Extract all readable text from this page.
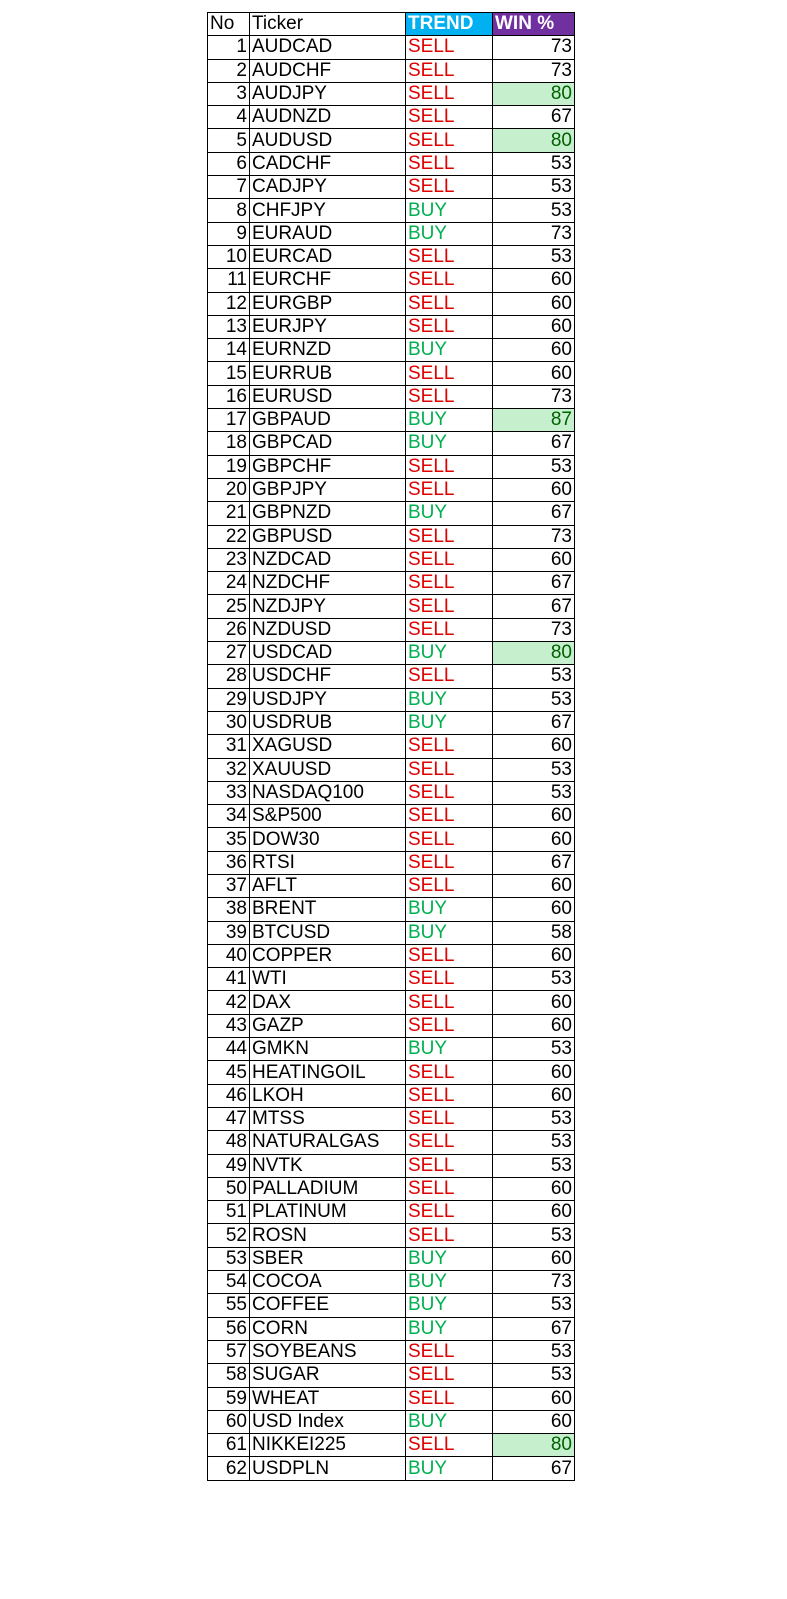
No	Ticker	TREND	WIN %
1	AUDCAD	SELL	73
2	AUDCHF	SELL	73
3	AUDJPY	SELL	80
4	AUDNZD	SELL	67
5	AUDUSD	SELL	80
6	CADCHF	SELL	53
7	CADJPY	SELL	53
8	CHFJPY	BUY	53
9	EURAUD	BUY	73
10	EURCAD	SELL	53
11	EURCHF	SELL	60
12	EURGBP	SELL	60
13	EURJPY	SELL	60
14	EURNZD	BUY	60
15	EURRUB	SELL	60
16	EURUSD	SELL	73
17	GBPAUD	BUY	87
18	GBPCAD	BUY	67
19	GBPCHF	SELL	53
20	GBPJPY	SELL	60
21	GBPNZD	BUY	67
22	GBPUSD	SELL	73
23	NZDCAD	SELL	60
24	NZDCHF	SELL	67
25	NZDJPY	SELL	67
26	NZDUSD	SELL	73
27	USDCAD	BUY	80
28	USDCHF	SELL	53
29	USDJPY	BUY	53
30	USDRUB	BUY	67
31	XAGUSD	SELL	60
32	XAUUSD	SELL	53
33	NASDAQ100	SELL	53
34	S&P500	SELL	60
35	DOW30	SELL	60
36	RTSI	SELL	67
37	AFLT	SELL	60
38	BRENT	BUY	60
39	BTCUSD	BUY	58
40	COPPER	SELL	60
41	WTI	SELL	53
42	DAX	SELL	60
43	GAZP	SELL	60
44	GMKN	BUY	53
45	HEATINGOIL	SELL	60
46	LKOH	SELL	60
47	MTSS	SELL	53
48	NATURALGAS	SELL	53
49	NVTK	SELL	53
50	PALLADIUM	SELL	60
51	PLATINUM	SELL	60
52	ROSN	SELL	53
53	SBER	BUY	60
54	COCOA	BUY	73
55	COFFEE	BUY	53
56	CORN	BUY	67
57	SOYBEANS	SELL	53
58	SUGAR	SELL	53
59	WHEAT	SELL	60
60	USD Index	BUY	60
61	NIKKEI225	SELL	80
62	USDPLN	BUY	67
